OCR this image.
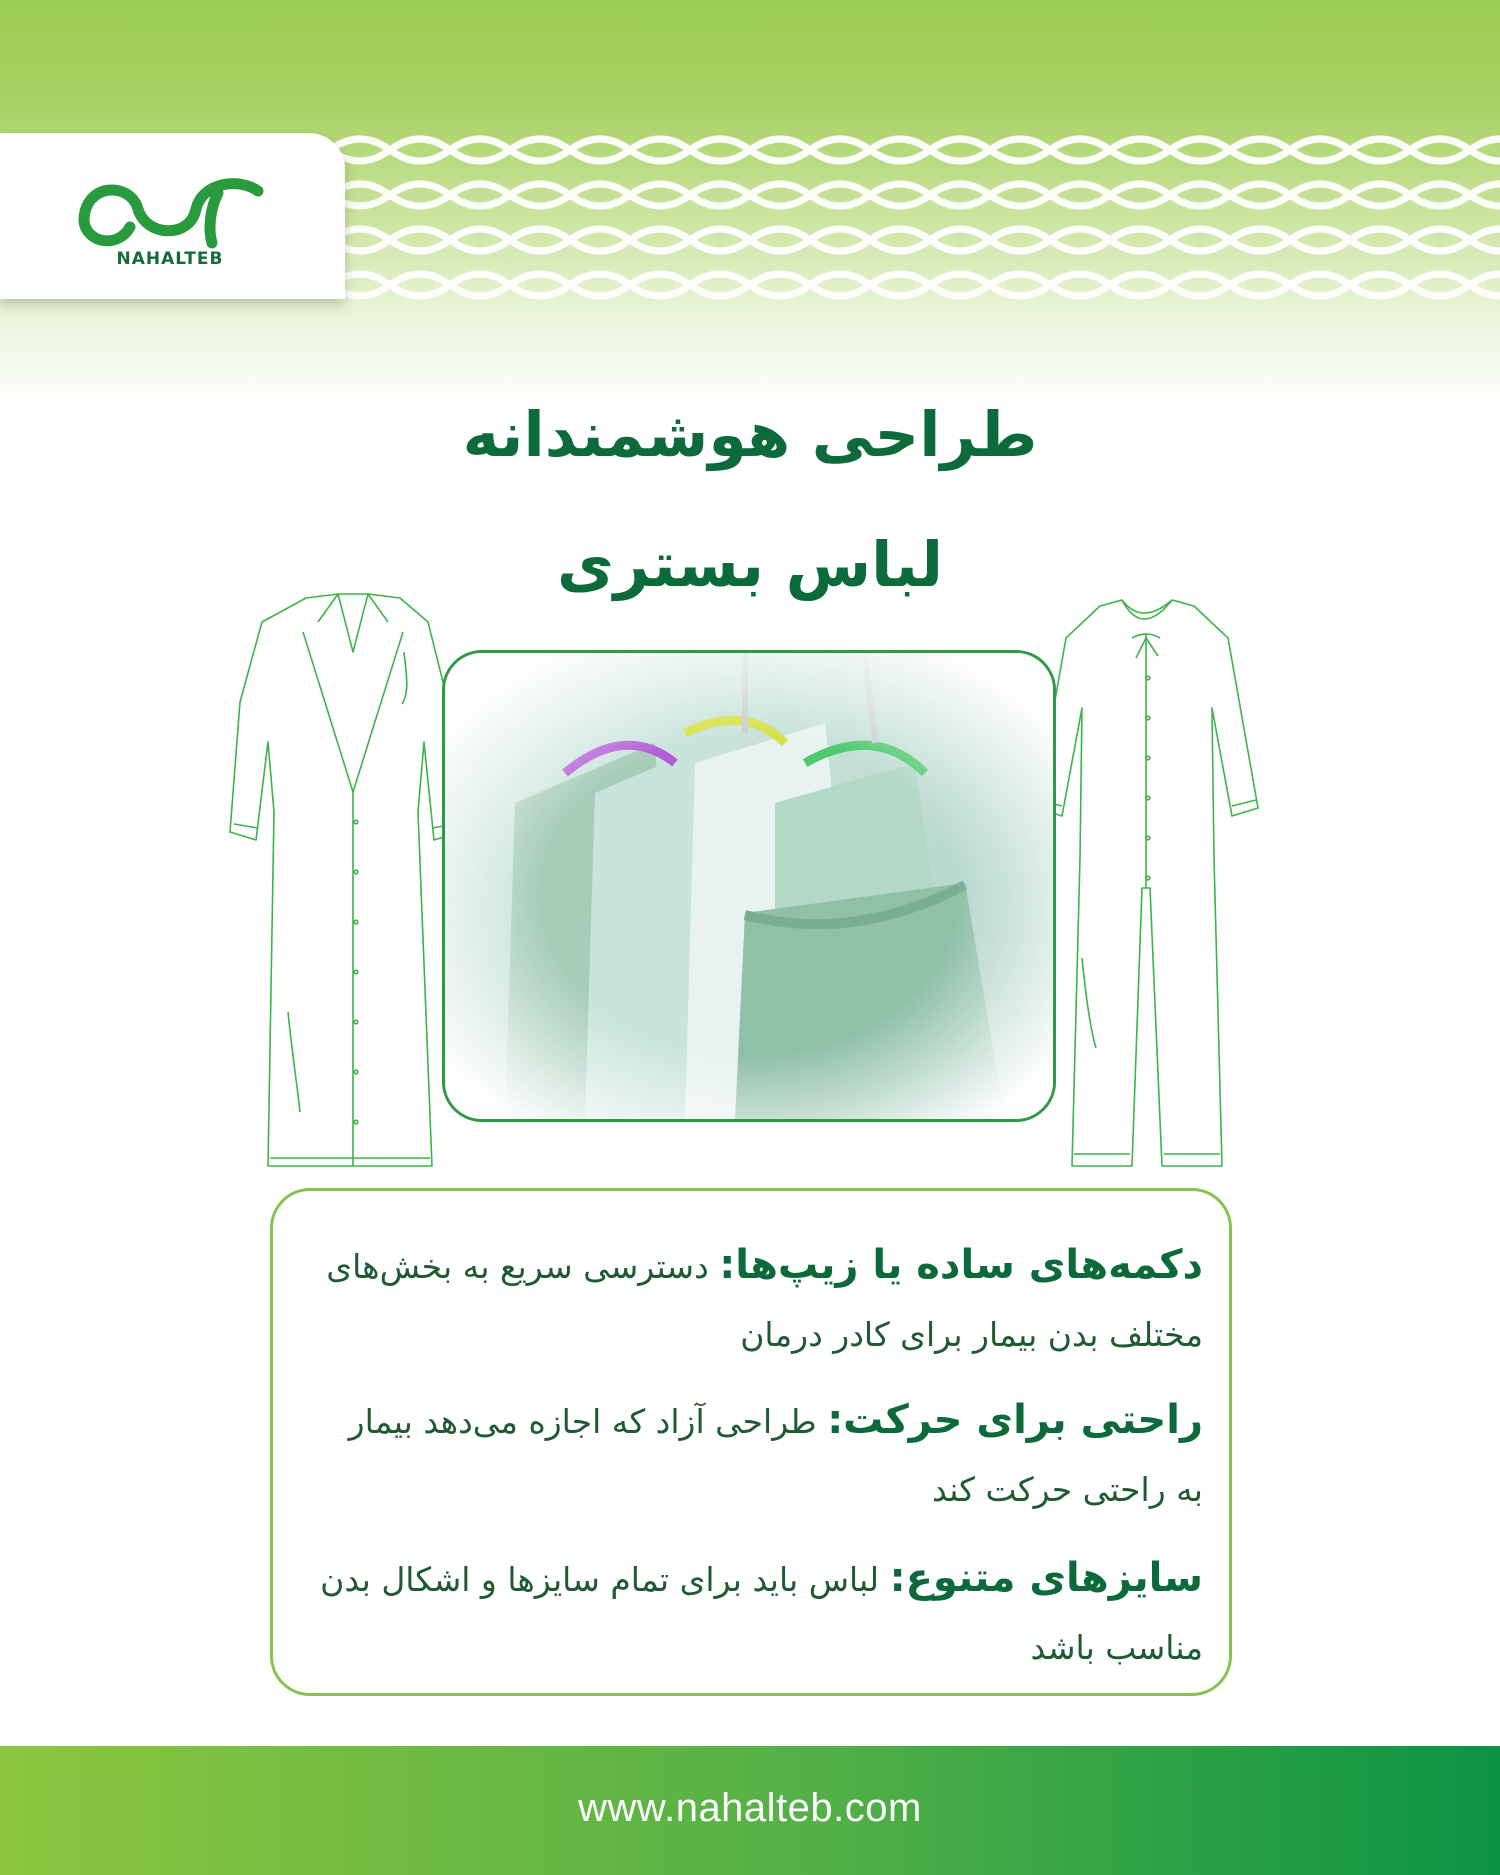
NAHALTEB
طراحی هوشمندانه
لباس بستری
دکمه‌های ساده یا زیپ‌ها: دسترسی سریع به بخش‌های مختلف بدن بیمار برای کادر درمان
راحتی برای حرکت: طراحی آزاد که اجازه می‌دهد بیمار به راحتی حرکت کند
سایزهای متنوع: لباس باید برای تمام سایزها و اشکال بدن مناسب باشد
www.nahalteb.com
